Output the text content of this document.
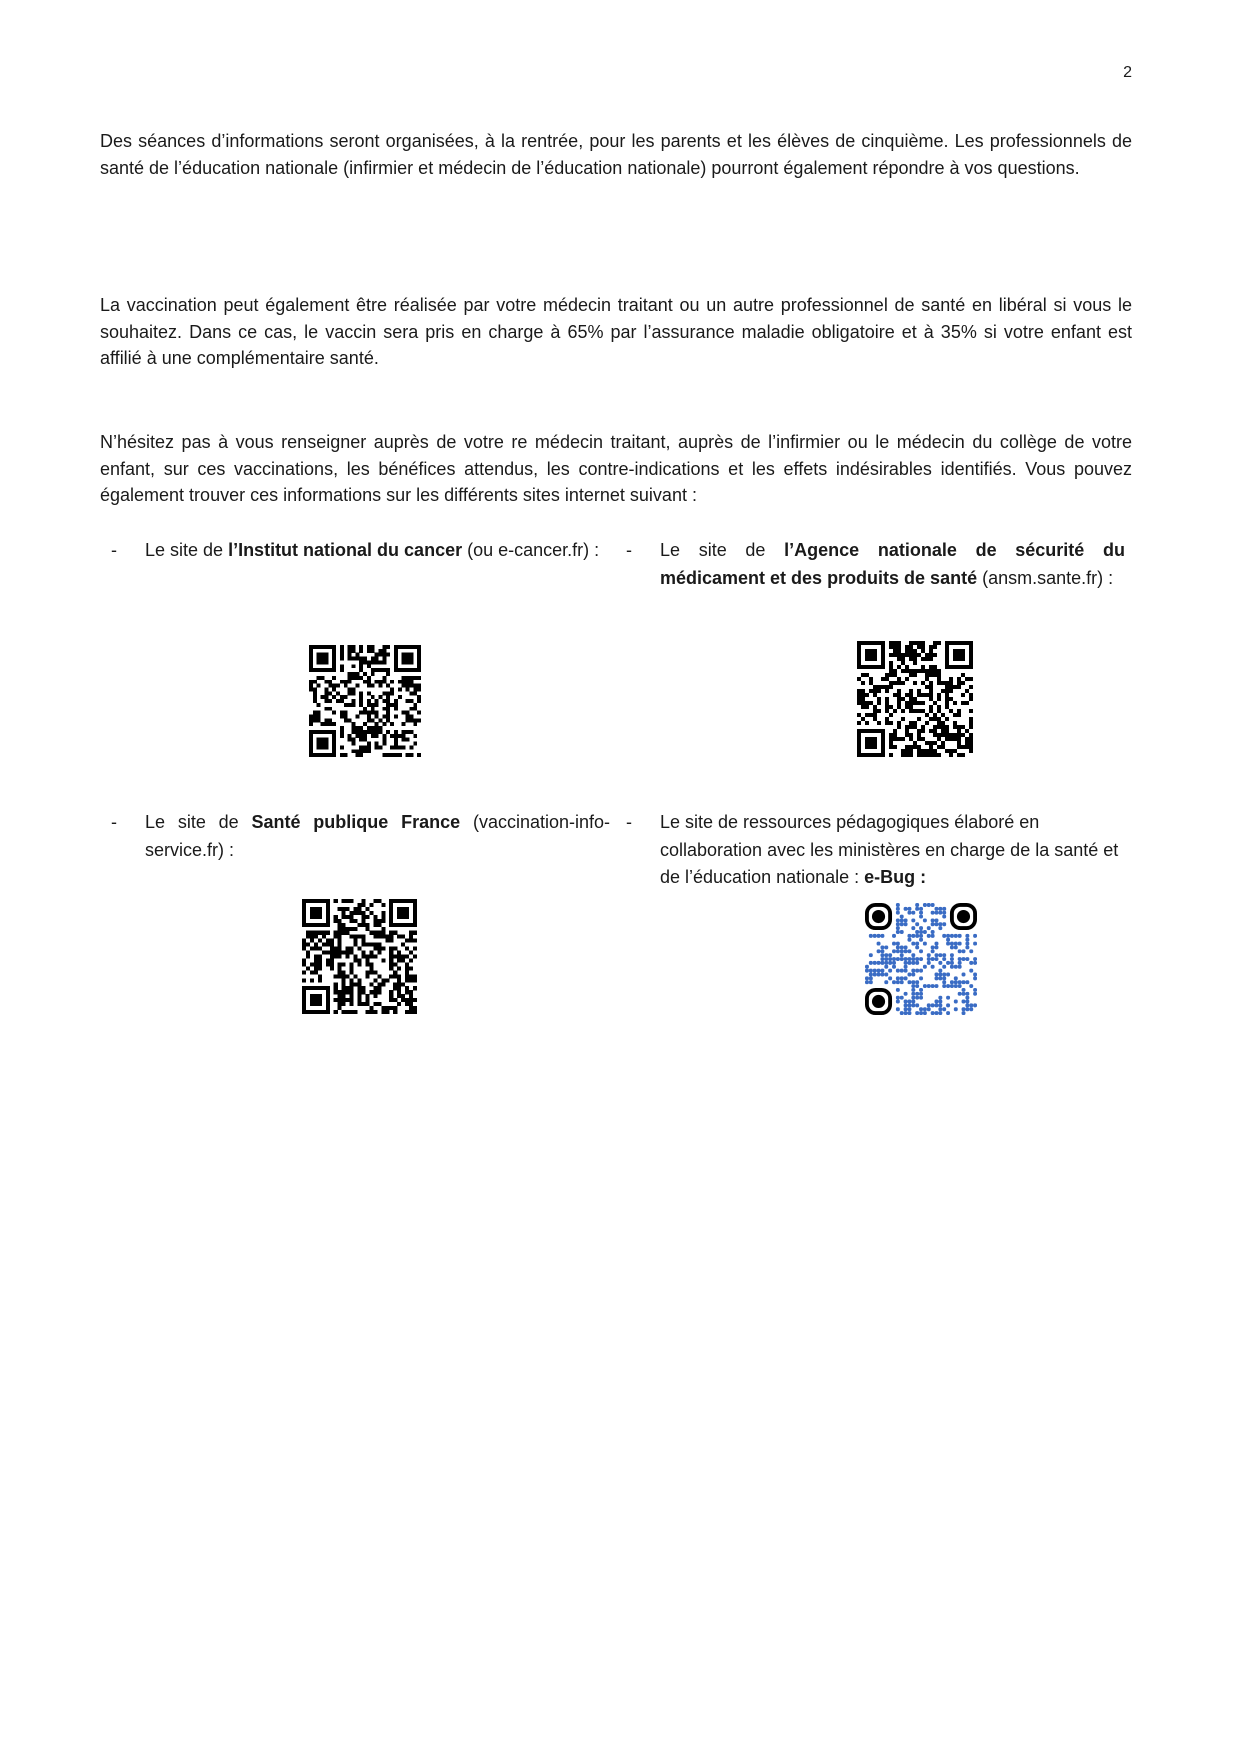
2

Des séances d’informations seront organisées, à la rentrée, pour les parents et les élèves de cinquième. Les professionnels de santé de l’éducation nationale (infirmier et médecin de l’éducation nationale) pourront également répondre à vos questions.

La vaccination peut également être réalisée par votre médecin traitant ou un autre professionnel de santé en libéral si vous le souhaitez. Dans ce cas, le vaccin sera pris en charge à 65% par l’assurance maladie obligatoire et à 35% si votre enfant est affilié à une complémentaire santé.

N’hésitez pas à vous renseigner auprès de votre re médecin traitant, auprès de l’infirmier ou le médecin du collège de votre enfant, sur ces vaccinations, les bénéfices attendus, les contre-indications et les effets indésirables identifiés. Vous pouvez également trouver ces informations sur les différents sites internet suivant :

- Le site de l’Institut national du cancer (ou e-cancer.fr) :	- Le site de l’Agence nationale de sécurité du médicament et des produits de santé (ansm.sante.fr) :

- Le site de Santé publique France (vaccination-info-service.fr) :

- Le site de ressources pédagogiques élaboré en collaboration avec les ministères en charge de la santé et de l’éducation nationale : e-Bug :
